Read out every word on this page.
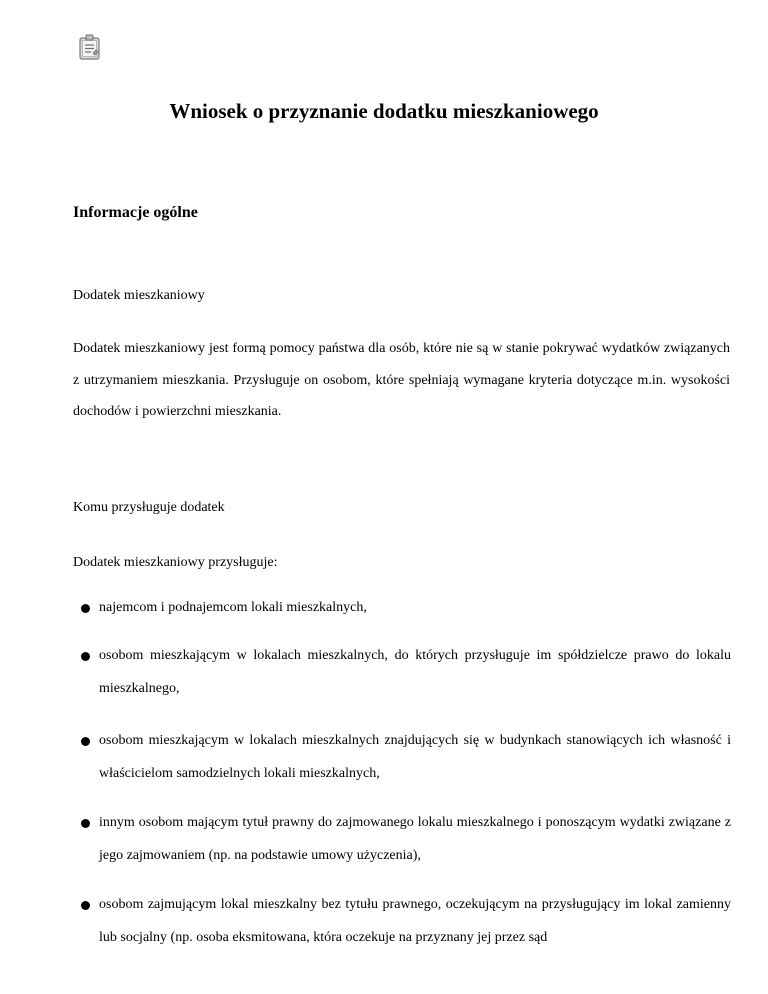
Wniosek o przyznanie dodatku mieszkaniowego
Informacje ogólne

Dodatek mieszkaniowy

Dodatek mieszkaniowy jest formą pomocy państwa dla osób, które nie są w stanie pokrywać wydatków związanych z utrzymaniem mieszkania. Przysługuje on osobom, które spełniają wymagane kryteria dotyczące m.in. wysokości dochodów i powierzchni mieszkania.

Komu przysługuje dodatek

Dodatek mieszkaniowy przysługuje:

najemcom i podnajemcom lokali mieszkalnych,
osobom mieszkającym w lokalach mieszkalnych, do których przysługuje im spółdzielcze prawo do lokalu mieszkalnego,
osobom mieszkającym w lokalach mieszkalnych znajdujących się w budynkach stanowiących ich własność i właścicielom samodzielnych lokali mieszkalnych,
innym osobom mającym tytuł prawny do zajmowanego lokalu mieszkalnego i ponoszącym wydatki związane z jego zajmowaniem (np. na podstawie umowy użyczenia),
osobom zajmującym lokal mieszkalny bez tytułu prawnego, oczekującym na przysługujący im lokal zamienny lub socjalny (np. osoba eksmitowana, która oczekuje na przyznany jej przez sąd
